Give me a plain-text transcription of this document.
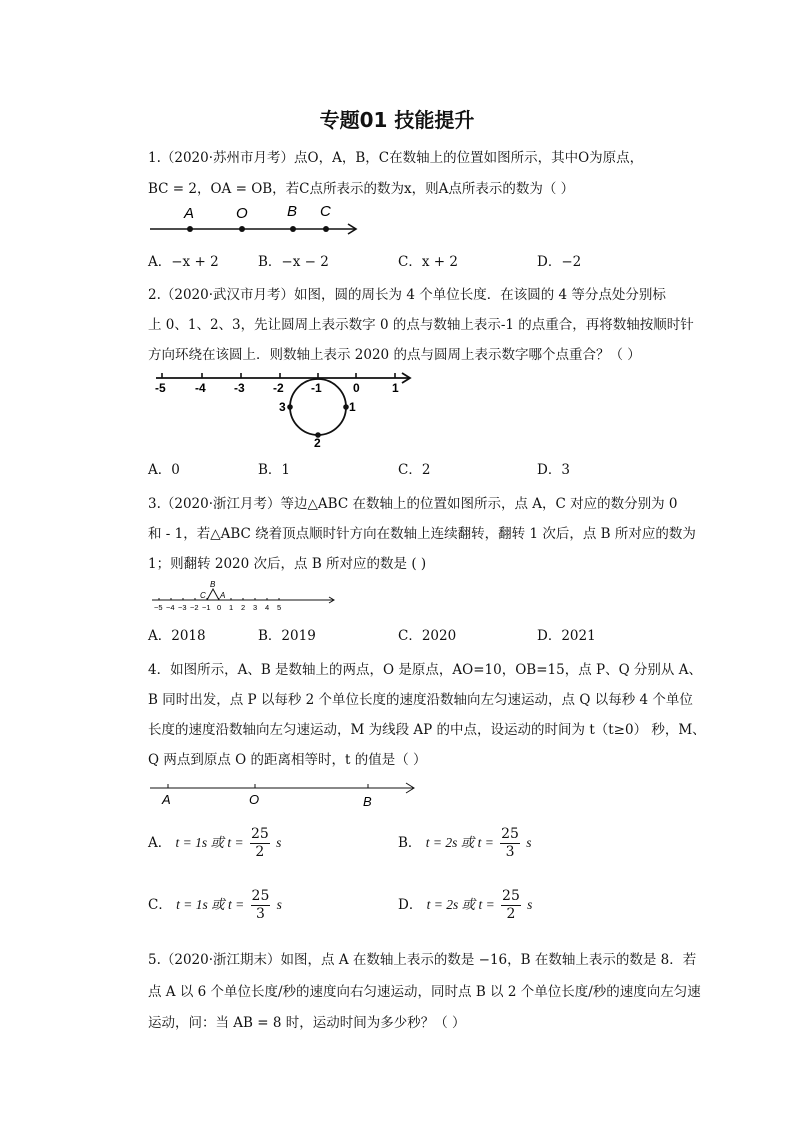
专题01 技能提升
1.（2020·苏州市月考）点O，A，B，C在数轴上的位置如图所示，其中O为原点，
BC = 2，OA = OB，若C点所表示的数为x，则A点所表示的数为（ ）
A	O	B C
A．−x + 2	B．−x − 2	C．x + 2	D．−2
2.（2020·武汉市月考）如图，圆的周长为 4 个单位长度．在该圆的 4 等分点处分别标
上 0、1、2、3，先让圆周上表示数字 0 的点与数轴上表示-1 的点重合，再将数轴按顺时针
方向环绕在该圆上．则数轴上表示 2020 的点与圆周上表示数字哪个点重合？（ ）
-5 -4 -3 -2 -1	0	1
3	1
2
A．0	B．1	C．2	D．3
3.（2020·浙江月考）等边△ABC 在数轴上的位置如图所示，点 A，C 对应的数分别为 0
和 - 1，若△ABC 绕着顶点顺时针方向在数轴上连续翻转，翻转 1 次后，点 B 所对应的数为
1；则翻转 2020 次后，点 B 所对应的数是 ( )
−5 −4 −3 −2 −1 0 1 2 3 4 5
B
C A
A．2018	B．2019	C．2020	D．2021
4．如图所示，A、B 是数轴上的两点，O 是原点，AO=10，OB=15，点 P、Q 分别从 A、
B 同时出发，点 P 以每秒 2 个单位长度的速度沿数轴向左匀速运动，点 Q 以每秒 4 个单位
长度的速度沿数轴向左匀速运动，M 为线段 AP 的中点，设运动的时间为 t（t≥0） 秒，M、
Q 两点到原点 O 的距离相等时，t 的值是（ ）
A	O	B
A． t = 1s 或 $t = \frac{25}{2}$ s	B． t = 2s 或 $t = \frac{25}{3}$ s
C． t = 1s 或 $t = \frac{25}{3}$ s	D． t = 2s 或 $t = \frac{25}{2}$ s
5.（2020·浙江期末）如图，点 A 在数轴上表示的数是 −16，B 在数轴上表示的数是 8．若
点 A 以 6 个单位长度/秒的速度向右匀速运动，同时点 B 以 2 个单位长度/秒的速度向左匀速
运动，问：当 AB = 8 时，运动时间为多少秒？（ ）
